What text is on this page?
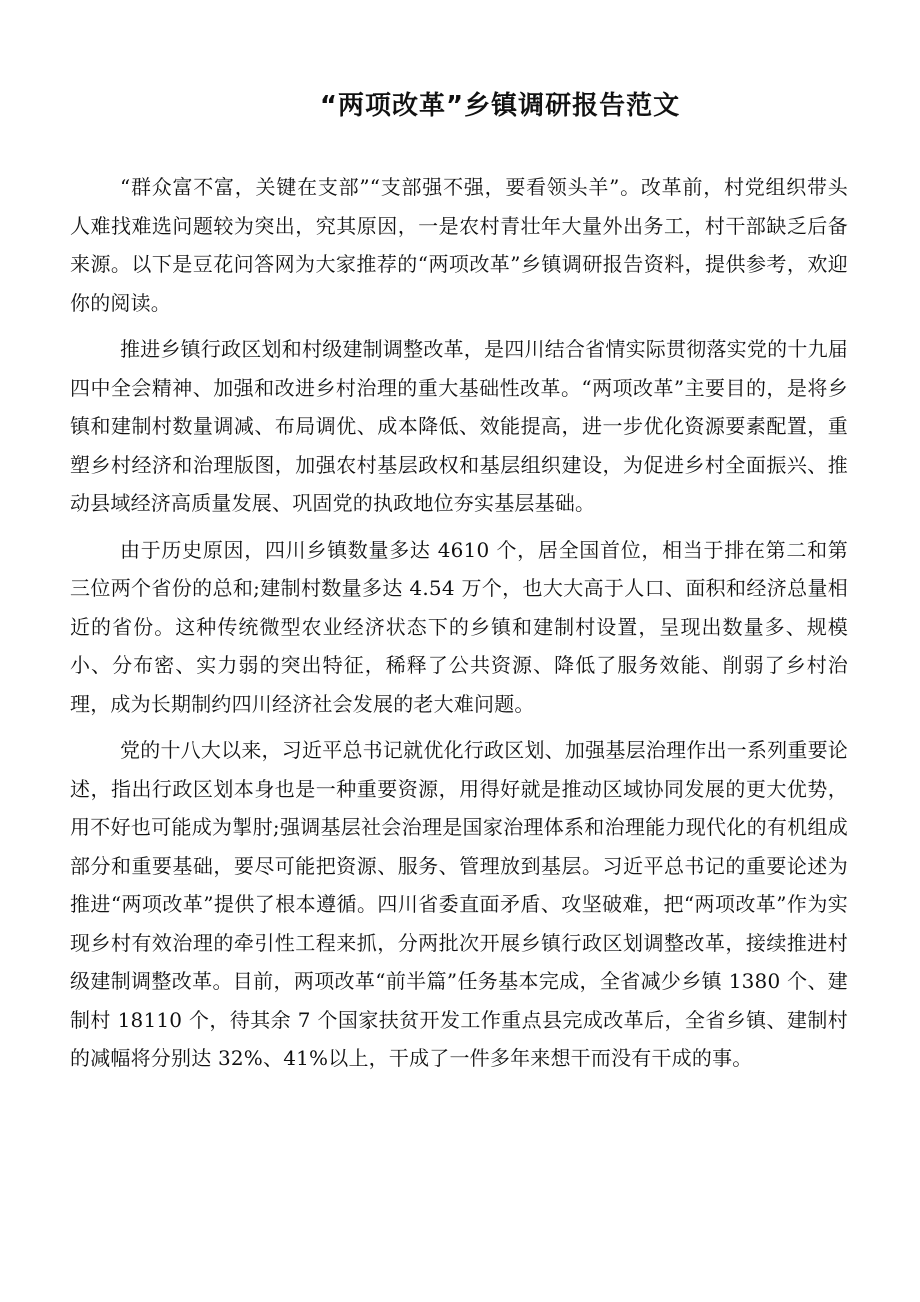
“两项改革”乡镇调研报告范文

“群众富不富，关键在支部”“支部强不强，要看领头羊”。改革前，村党组织带头人难找难选问题较为突出，究其原因，一是农村青壮年大量外出务工，村干部缺乏后备来源。以下是豆花问答网为大家推荐的“两项改革”乡镇调研报告资料，提供参考，欢迎你的阅读。

推进乡镇行政区划和村级建制调整改革，是四川结合省情实际贯彻落实党的十九届四中全会精神、加强和改进乡村治理的重大基础性改革。“两项改革”主要目的，是将乡镇和建制村数量调减、布局调优、成本降低、效能提高，进一步优化资源要素配置，重塑乡村经济和治理版图，加强农村基层政权和基层组织建设，为促进乡村全面振兴、推动县域经济高质量发展、巩固党的执政地位夯实基层基础。

由于历史原因，四川乡镇数量多达 4610 个，居全国首位，相当于排在第二和第三位两个省份的总和;建制村数量多达 4.54 万个，也大大高于人口、面积和经济总量相近的省份。这种传统微型农业经济状态下的乡镇和建制村设置，呈现出数量多、规模小、分布密、实力弱的突出特征，稀释了公共资源、降低了服务效能、削弱了乡村治理，成为长期制约四川经济社会发展的老大难问题。

党的十八大以来，习近平总书记就优化行政区划、加强基层治理作出一系列重要论述，指出行政区划本身也是一种重要资源，用得好就是推动区域协同发展的更大优势，用不好也可能成为掣肘;强调基层社会治理是国家治理体系和治理能力现代化的有机组成部分和重要基础，要尽可能把资源、服务、管理放到基层。习近平总书记的重要论述为推进“两项改革”提供了根本遵循。四川省委直面矛盾、攻坚破难，把“两项改革”作为实现乡村有效治理的牵引性工程来抓，分两批次开展乡镇行政区划调整改革，接续推进村级建制调整改革。目前，两项改革“前半篇”任务基本完成，全省减少乡镇 1380 个、建制村 18110 个，待其余 7 个国家扶贫开发工作重点县完成改革后，全省乡镇、建制村的减幅将分别达 32%、41%以上，干成了一件多年来想干而没有干成的事。
